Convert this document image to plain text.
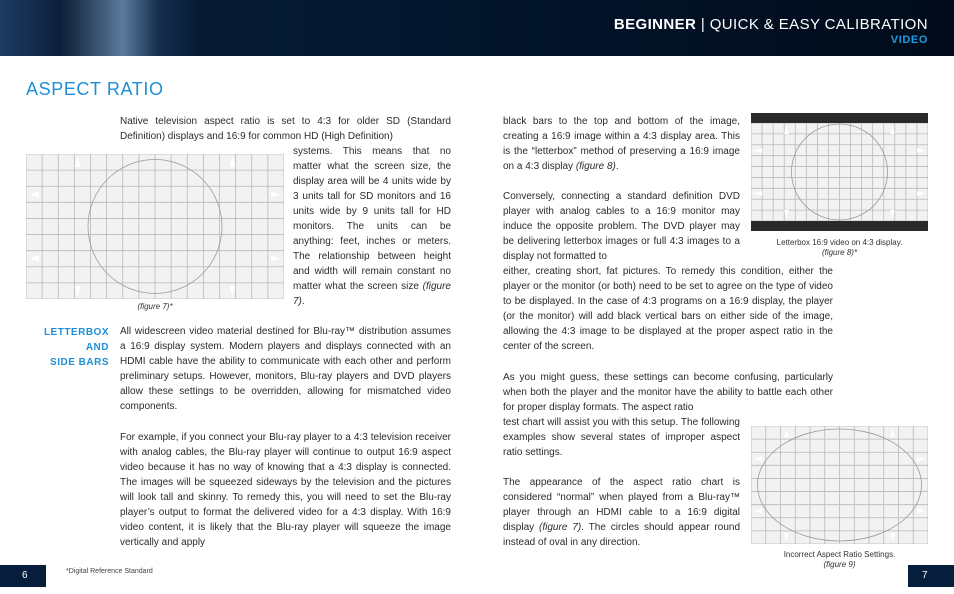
BEGINNER | QUICK & EASY CALIBRATION
VIDEO
ASPECT RATIO
Native television aspect ratio is set to 4:3 for older SD (Standard Definition) displays and 16:9 for common HD (High Definition)
systems. This means that no matter what the screen size, the display area will be 4 units wide by 3 units tall for SD monitors and 16 units wide by 9 units tall for HD monitors. The units can be anything: feet, inches or meters. The relationship between height and width will remain constant no matter what the screen size (figure 7).
(figure 7)*
LETTERBOX
AND
SIDE BARS
All widescreen video material destined for Blu-ray™ distribution assumes a 16:9 display system. Modern players and displays connected with an HDMI cable have the ability to communicate with each other and perform preliminary setups. However, monitors, Blu-ray players and DVD players allow these settings to be overridden, allowing for mismatched video components.
For example, if you connect your Blu-ray player to a 4:3 television receiver with analog cables, the Blu-ray player will continue to output 16:9 aspect video because it has no way of knowing that a 4:3 display is connected. The images will be squeezed sideways by the television and the pictures will look tall and skinny. To remedy this, you will need to set the Blu-ray player’s output to format the delivered video for a 4:3 display. With 16:9 video content, it is likely that the Blu-ray player will squeeze the image vertically and apply
black bars to the top and bottom of the image, creating a 16:9 image within a 4:3 display area. This is the “letterbox” method of preserving a 16:9 image on a 4:3 display (figure 8).
Conversely, connecting a standard definition DVD player with analog cables to a 16:9 monitor may induce the opposite problem. The DVD player may be delivering letterbox images or full 4:3 images to a display not formatted to
either, creating short, fat pictures. To remedy this condition, either the player or the monitor (or both) need to be set to agree on the type of video to be displayed. In the case of 4:3 programs on a 16:9 display, the player (or the monitor) will add black vertical bars on either side of the image, allowing the 4:3 image to be displayed at the proper aspect ratio in the center of the screen.
As you might guess, these settings can become confusing, particularly when both the player and the monitor have the ability to battle each other for proper display formats. The aspect ratio
test chart will assist you with this setup. The following examples show several states of improper aspect ratio settings.
The appearance of the aspect ratio chart is considered “normal” when played from a Blu-ray™ player through an HDMI cable to a 16:9 digital display (figure 7). The circles should appear round instead of oval in any direction.
Letterbox 16:9 video on 4:3 display.
(figure 8)*
Incorrect Aspect Ratio Settings.
(figure 9)
*Digital Reference Standard
6	7
